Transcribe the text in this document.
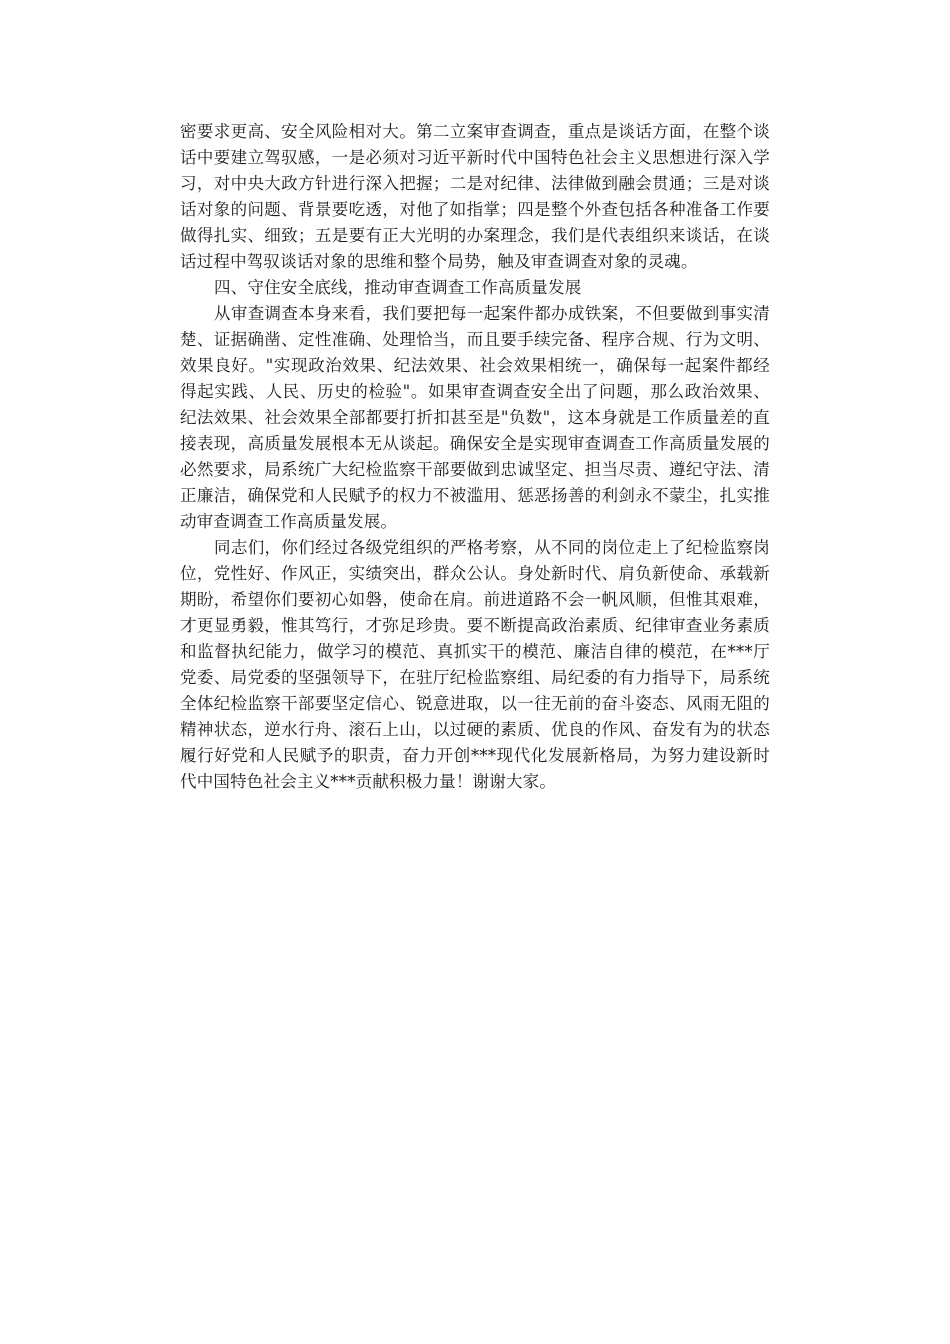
密要求更高、安全风险相对大。第二立案审查调查，重点是谈话方面，在整个谈话中要建立驾驭感，一是必须对习近平新时代中国特色社会主义思想进行深入学习，对中央大政方针进行深入把握；二是对纪律、法律做到融会贯通；三是对谈话对象的问题、背景要吃透，对他了如指掌；四是整个外查包括各种准备工作要做得扎实、细致；五是要有正大光明的办案理念，我们是代表组织来谈话，在谈话过程中驾驭谈话对象的思维和整个局势，触及审查调查对象的灵魂。

四、守住安全底线，推动审查调查工作高质量发展

从审查调查本身来看，我们要把每一起案件都办成铁案，不但要做到事实清楚、证据确凿、定性准确、处理恰当，而且要手续完备、程序合规、行为文明、效果良好。"实现政治效果、纪法效果、社会效果相统一，确保每一起案件都经得起实践、人民、历史的检验"。如果审查调查安全出了问题，那么政治效果、纪法效果、社会效果全部都要打折扣甚至是"负数"，这本身就是工作质量差的直接表现，高质量发展根本无从谈起。确保安全是实现审查调查工作高质量发展的必然要求，局系统广大纪检监察干部要做到忠诚坚定、担当尽责、遵纪守法、清正廉洁，确保党和人民赋予的权力不被滥用、惩恶扬善的利剑永不蒙尘，扎实推动审查调查工作高质量发展。

同志们，你们经过各级党组织的严格考察，从不同的岗位走上了纪检监察岗位，党性好、作风正，实绩突出，群众公认。身处新时代、肩负新使命、承载新期盼，希望你们要初心如磐，使命在肩。前进道路不会一帆风顺，但惟其艰难，才更显勇毅，惟其笃行，才弥足珍贵。要不断提高政治素质、纪律审查业务素质和监督执纪能力，做学习的模范、真抓实干的模范、廉洁自律的模范，在***厅党委、局党委的坚强领导下，在驻厅纪检监察组、局纪委的有力指导下，局系统全体纪检监察干部要坚定信心、锐意进取，以一往无前的奋斗姿态、风雨无阻的精神状态，逆水行舟、滚石上山，以过硬的素质、优良的作风、奋发有为的状态履行好党和人民赋予的职责，奋力开创***现代化发展新格局，为努力建设新时代中国特色社会主义***贡献积极力量！谢谢大家。
